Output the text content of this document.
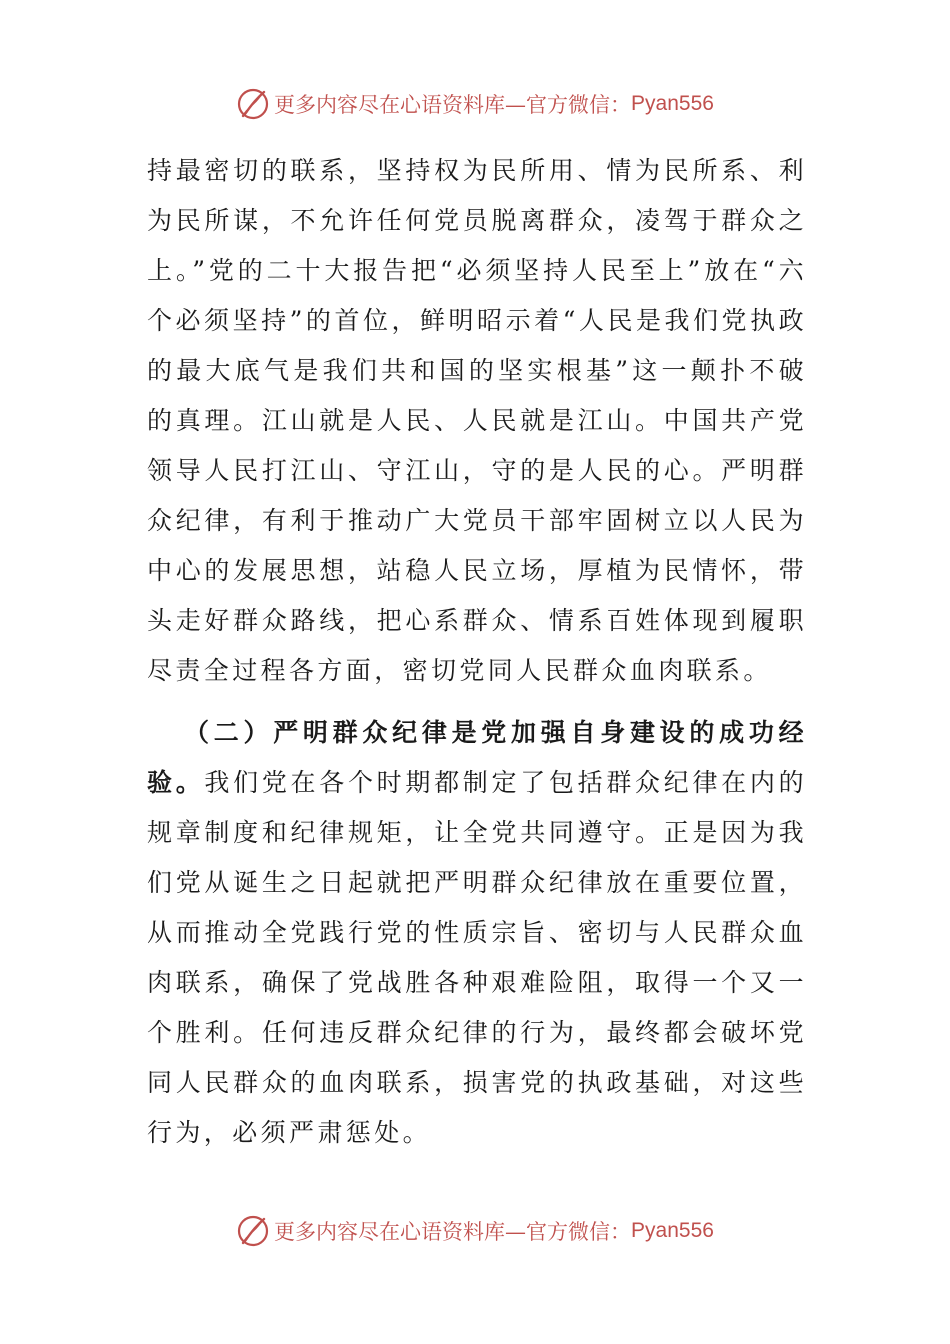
更多内容尽在心语资料库—官方微信： Pyan556

持最密切的联系，坚持权为民所用、情为民所系、利为民所谋，不允许任何党员脱离群众，凌驾于群众之上。”党的二十大报告把“必须坚持人民至上”放在“六个必须坚持”的首位，鲜明昭示着“人民是我们党执政的最大底气是我们共和国的坚实根基”这一颠扑不破的真理。江山就是人民、人民就是江山。中国共产党领导人民打江山、守江山，守的是人民的心。严明群众纪律，有利于推动广大党员干部牢固树立以人民为中心的发展思想，站稳人民立场，厚植为民情怀，带头走好群众路线，把心系群众、情系百姓体现到履职尽责全过程各方面，密切党同人民群众血肉联系。

（二）严明群众纪律是党加强自身建设的成功经验。我们党在各个时期都制定了包括群众纪律在内的规章制度和纪律规矩，让全党共同遵守。正是因为我们党从诞生之日起就把严明群众纪律放在重要位置，从而推动全党践行党的性质宗旨、密切与人民群众血肉联系，确保了党战胜各种艰难险阻，取得一个又一个胜利。任何违反群众纪律的行为，最终都会破坏党同人民群众的血肉联系，损害党的执政基础，对这些行为，必须严肃惩处。

更多内容尽在心语资料库—官方微信： Pyan556
